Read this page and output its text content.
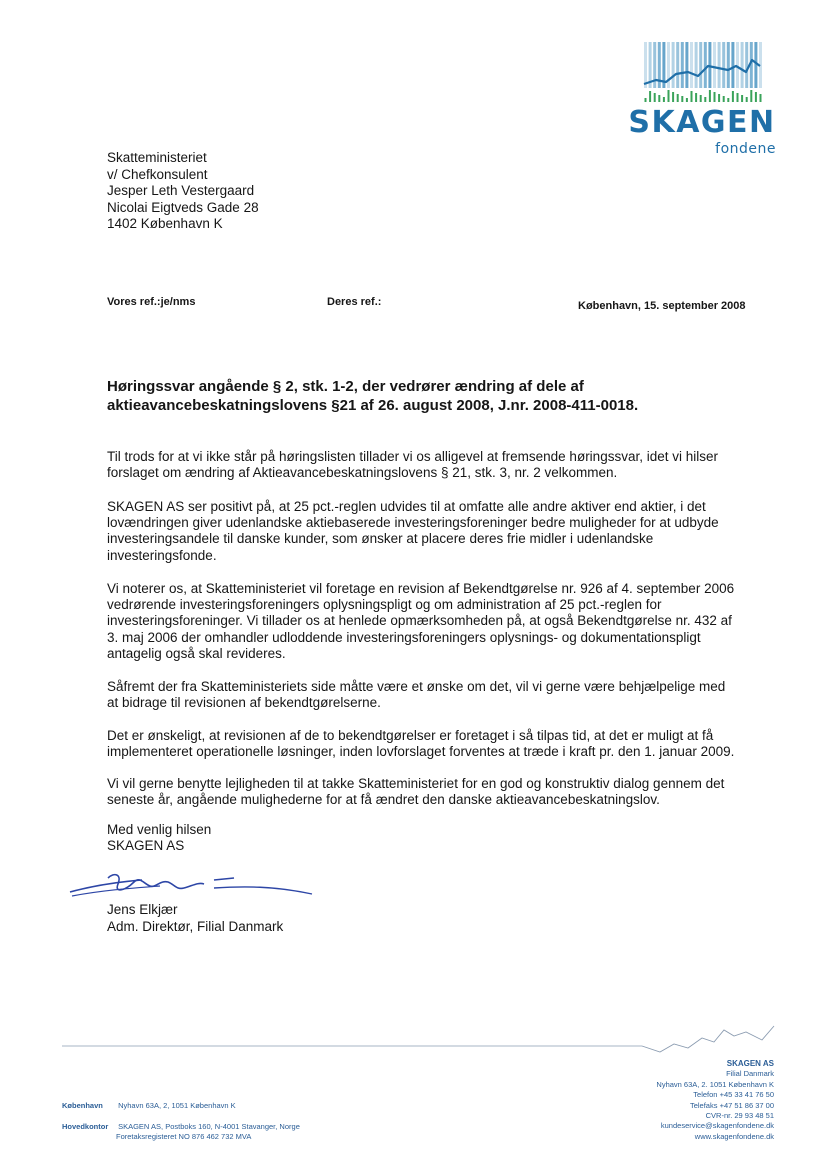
SKAGEN
fondene
Skatteministeriet
v/ Chefkonsulent
Jesper Leth Vestergaard
Nicolai Eigtveds Gade 28
1402 København K
Vores ref.:je/nms	Deres ref.:	København, 15. september 2008
Høringssvar angående § 2, stk. 1-2, der vedrører ændring af dele af
aktieavancebeskatningslovens §21 af 26. august 2008, J.nr. 2008-411-0018.
Til trods for at vi ikke står på høringslisten tillader vi os alligevel at fremsende høringssvar, idet vi hilser
forslaget om ændring af Aktieavancebeskatningslovens § 21, stk. 3, nr. 2 velkommen.
SKAGEN AS ser positivt på, at 25 pct.-reglen udvides til at omfatte alle andre aktiver end aktier, i det
lovændringen giver udenlandske aktiebaserede investeringsforeninger bedre muligheder for at udbyde
investeringsandele til danske kunder, som ønsker at placere deres frie midler i udenlandske
investeringsfonde.
Vi noterer os, at Skatteministeriet vil foretage en revision af Bekendtgørelse nr. 926 af 4. september 2006
vedrørende investeringsforeningers oplysningspligt og om administration af 25 pct.-reglen for
investeringsforeninger. Vi tillader os at henlede opmærksomheden på, at også Bekendtgørelse nr. 432 af
3. maj 2006 der omhandler udloddende investeringsforeningers oplysnings- og dokumentationspligt
antagelig også skal revideres.
Såfremt der fra Skatteministeriets side måtte være et ønske om det, vil vi gerne være behjælpelige med
at bidrage til revisionen af bekendtgørelserne.
Det er ønskeligt, at revisionen af de to bekendtgørelser er foretaget i så tilpas tid, at det er muligt at få
implementeret operationelle løsninger, inden lovforslaget forventes at træde i kraft pr. den 1. januar 2009.
Vi vil gerne benytte lejligheden til at takke Skatteministeriet for en god og konstruktiv dialog gennem det
seneste år, angående mulighederne for at få ændret den danske aktieavancebeskatningslov.
Med venlig hilsen
SKAGEN AS
Jens Elkjær
Adm. Direktør, Filial Danmark
SKAGEN AS
Filial Danmark
Nyhavn 63A, 2. 1051 København K
Telefon +45 33 41 76 50
Telefaks +47 51 86 37 00
CVR-nr. 29 93 48 51
kundeservice@skagenfondene.dk
www.skagenfondene.dk
København Nyhavn 63A, 2, 1051 København K
Hovedkontor SKAGEN AS, Postboks 160, N-4001 Stavanger, Norge
Foretaksregisteret NO 876 462 732 MVA
